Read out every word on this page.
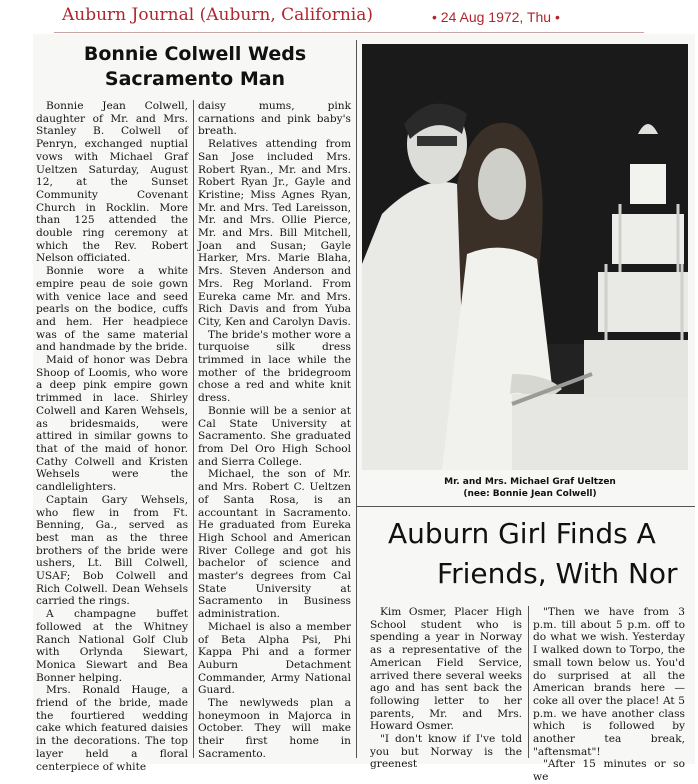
Auburn Journal (Auburn, California)	• 24 Aug 1972, Thu •
Bonnie Colwell Weds Sacramento Man

Bonnie Jean Colwell, daughter of Mr. and Mrs. Stanley B. Colwell of Penryn, exchanged nuptial vows with Michael Graf Ueltzen Saturday, August 12, at the Sunset Community Covenant Church in Rocklin. More than 125 attended the double ring ceremony at which the Rev. Robert Nelson officiated.

Bonnie wore a white empire peau de soie gown with venice lace and seed pearls on the bodice, cuffs and hem. Her headpiece was of the same material and handmade by the bride.

Maid of honor was Debra Shoop of Loomis, who wore a deep pink empire gown trimmed in lace. Shirley Colwell and Karen Wehsels, as bridesmaids, were attired in similar gowns to that of the maid of honor. Cathy Colwell and Kristen Wehsels were the candlelighters.

Captain Gary Wehsels, who flew in from Ft. Benning, Ga., served as best man as the three brothers of the bride were ushers, Lt. Bill Colwell, USAF; Bob Colwell and Rich Colwell. Dean Wehsels carried the rings.

A champagne buffet followed at the Whitney Ranch National Golf Club with Orlynda Siewart, Monica Siewart and Bea Bonner helping.

Mrs. Ronald Hauge, a friend of the bride, made the fourtiered wedding cake which featured daisies in the decorations. The top layer held a floral centerpiece of white

daisy mums, pink carnations and pink baby's breath.

Relatives attending from San Jose included Mrs. Robert Ryan., Mr. and Mrs. Robert Ryan Jr., Gayle and Kristine; Miss Agnes Ryan, Mr. and Mrs. Ted Lareisson, Mr. and Mrs. Ollie Pierce, Mr. and Mrs. Bill Mitchell, Joan and Susan; Gayle Harker, Mrs. Marie Blaha, Mrs. Steven Anderson and Mrs. Reg Morland. From Eureka came Mr. and Mrs. Rich Davis and from Yuba City, Ken and Carolyn Davis.

The bride's mother wore a turquoise silk dress trimmed in lace while the mother of the bridegroom chose a red and white knit dress.

Bonnie will be a senior at Cal State University at Sacramento. She graduated from Del Oro High School and Sierra College.

Michael, the son of Mr. and Mrs. Robert C. Ueltzen of Santa Rosa, is an accountant in Sacramento. He graduated from Eureka High School and American River College and got his bachelor of science and master's degrees from Cal State University at Sacramento in Business administration.

Michael is also a member of Beta Alpha Psi, Phi Kappa Phi and a former Auburn Detachment Commander, Army National Guard.

The newlyweds plan a honeymoon in Majorca in October. They will make their first home in Sacramento.

Mr. and Mrs. Michael Graf Ueltzen
(nee: Bonnie Jean Colwell)
Auburn Girl Finds A
Friends, With Nor

Kim Osmer, Placer High School student who is spending a year in Norway as a representative of the American Field Service, arrived there several weeks ago and has sent back the following letter to her parents, Mr. and Mrs. Howard Osmer.

"I don't know if I've told you but Norway is the greenest

"Then we have from 3 p.m. till about 5 p.m. off to do what we wish. Yesterday I walked down to Torpo, the small town below us. You'd do surprised at all the American brands here — coke all over the place! At 5 p.m. we have another class which is followed by another tea break, "aftensmat"!

"After 15 minutes or so we
